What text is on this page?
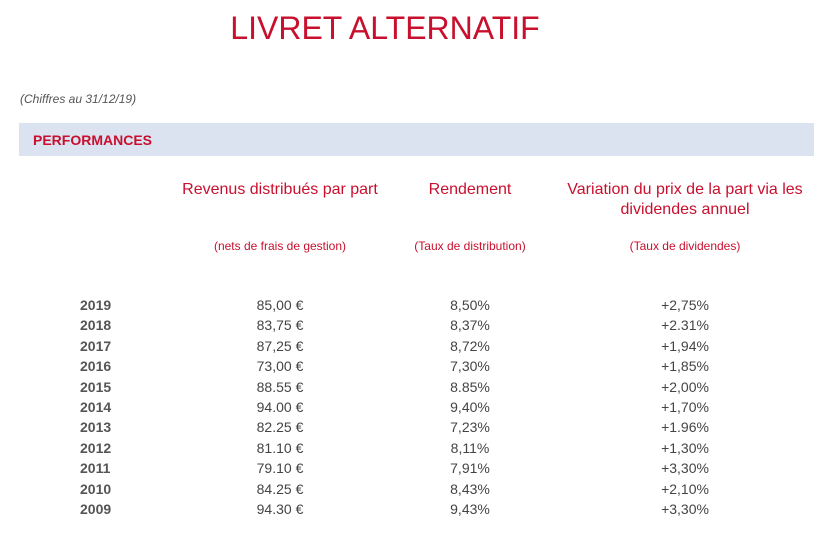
LIVRET ALTERNATIF
(Chiffres au 31/12/19)
PERFORMANCES
Revenus distribués par part	Rendement	Variation du prix de la part via les dividendes annuel
(nets de frais de gestion)	(Taux de distribution)	(Taux de dividendes)
2019	85,00 €	8,50%	+2,75%
2018	83,75 €	8,37%	+2.31%
2017	87,25 €	8,72%	+1,94%
2016	73,00 €	7,30%	+1,85%
2015	88.55 €	8.85%	+2,00%
2014	94.00 €	9,40%	+1,70%
2013	82.25 €	7,23%	+1.96%
2012	81.10 €	8,11%	+1,30%
2011	79.10 €	7,91%	+3,30%
2010	84.25 €	8,43%	+2,10%
2009	94.30 €	9,43%	+3,30%
